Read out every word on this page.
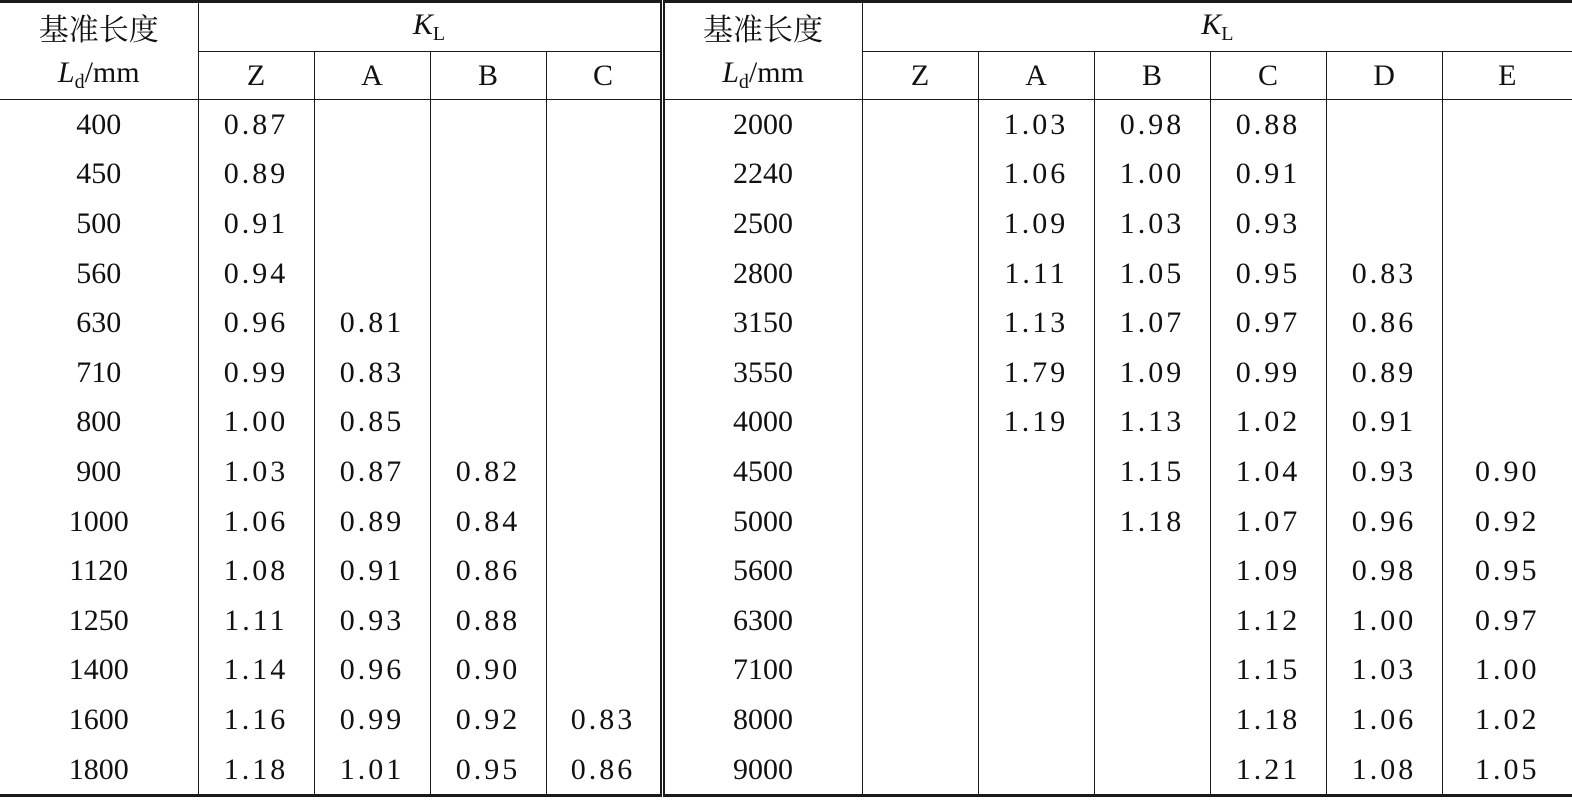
基准长度	$K_L$				基准长度	$K_L$
$L_d/mm$	Z	A	B	C	$L_d/mm$	Z	A	B	C	D	E
400	0.87				2000		1.03	0.98	0.88		
450	0.89				2240		1.06	1.00	0.91		
500	0.91				2500		1.09	1.03	0.93		
560	0.94				2800		1.11	1.05	0.95	0.83	
630	0.96	0.81			3150		1.13	1.07	0.97	0.86	
710	0.99	0.83			3550		1.79	1.09	0.99	0.89	
800	1.00	0.85			4000		1.19	1.13	1.02	0.91	
900	1.03	0.87	0.82		4500			1.15	1.04	0.93	0.90
1000	1.06	0.89	0.84		5000			1.18	1.07	0.96	0.92
1120	1.08	0.91	0.86		5600				1.09	0.98	0.95
1250	1.11	0.93	0.88		6300				1.12	1.00	0.97
1400	1.14	0.96	0.90		7100				1.15	1.03	1.00
1600	1.16	0.99	0.92	0.83	8000				1.18	1.06	1.02
1800	1.18	1.01	0.95	0.86	9000				1.21	1.08	1.05
